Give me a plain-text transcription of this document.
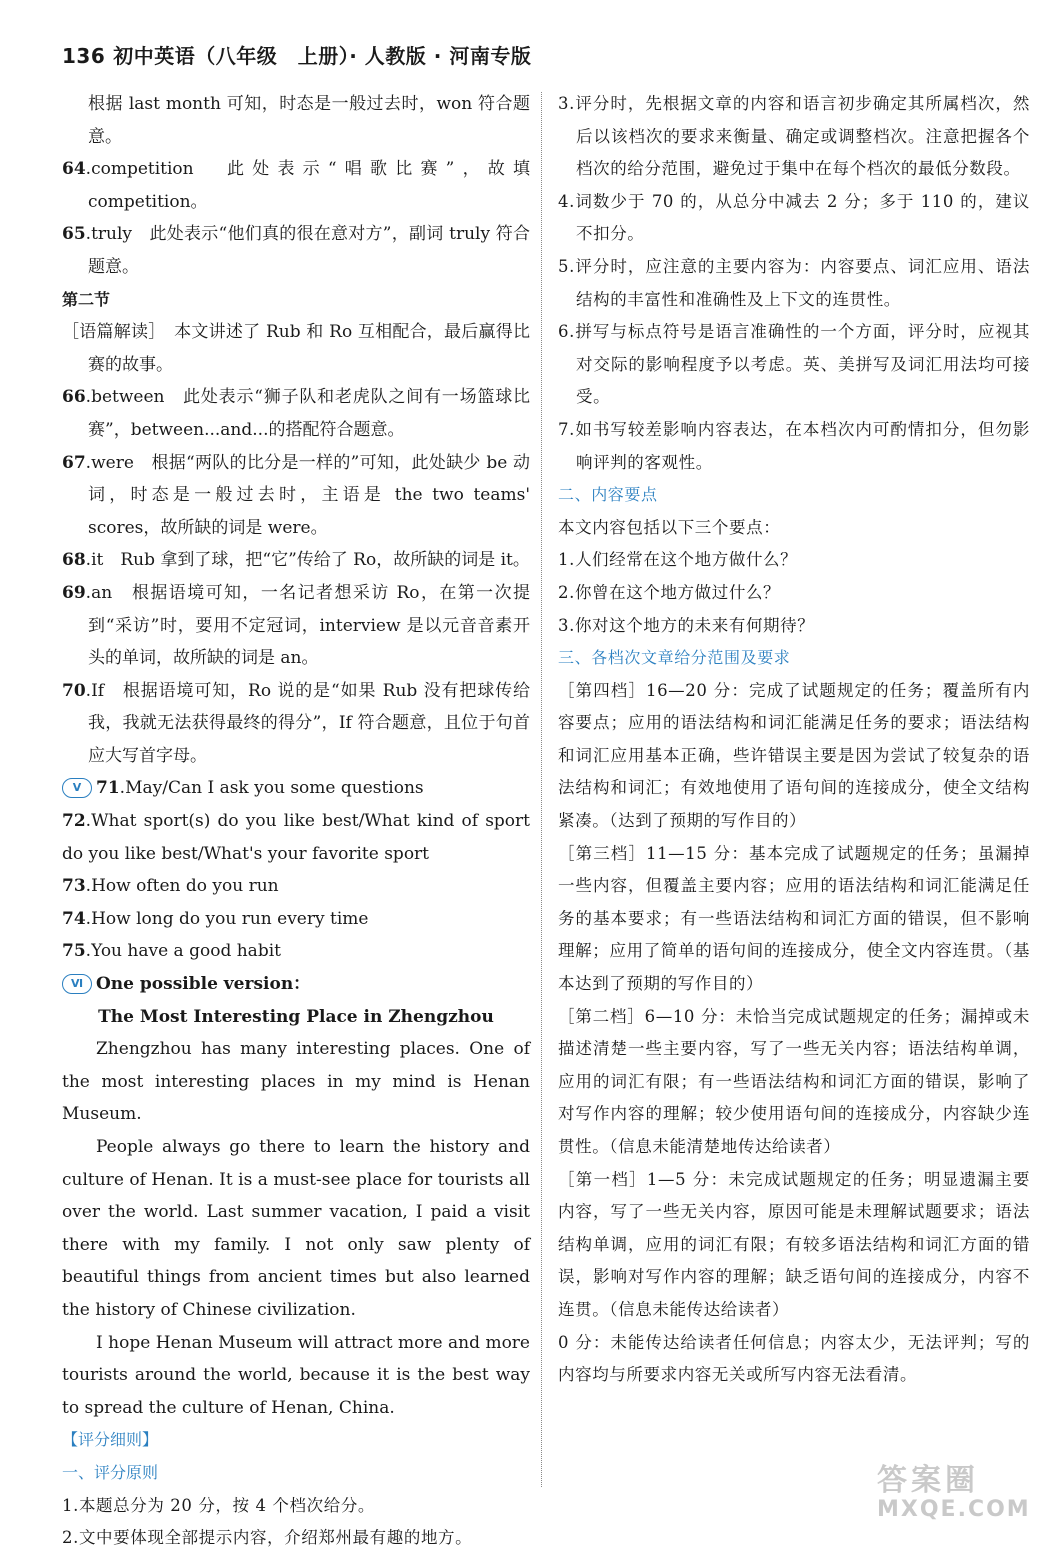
136 初中英语（八年级　上册）· 人教版 · 河南专版

根据 last month 可知，时态是一般过去时，won 符合题意。

64.competition　此处表示“唱歌比赛”，故填 competition。

65.truly　此处表示“他们真的很在意对方”，副词 truly 符合题意。

第二节

［语篇解读］　本文讲述了 Rub 和 Ro 互相配合，最后赢得比赛的故事。

66.between　此处表示“狮子队和老虎队之间有一场篮球比赛”，between...and...的搭配符合题意。

67.were　根据“两队的比分是一样的”可知，此处缺少 be 动词，时态是一般过去时，主语是 the two teams' scores，故所缺的词是 were。

68.it　Rub 拿到了球，把“它”传给了 Ro，故所缺的词是 it。

69.an　根据语境可知，一名记者想采访 Ro，在第一次提到“采访”时，要用不定冠词，interview 是以元音音素开头的单词，故所缺的词是 an。

70.If　根据语境可知，Ro 说的是“如果 Rub 没有把球传给我，我就无法获得最终的得分”，If 符合题意，且位于句首应大写首字母。

Ⅴ 71.May/Can I ask you some questions

72.What sport(s) do you like best/What kind of sport do you like best/What's your favorite sport

73.How often do you run

74.How long do you run every time

75.You have a good habit

Ⅵ One possible version：

The Most Interesting Place in Zhengzhou

Zhengzhou has many interesting places. One of the most interesting places in my mind is Henan Museum.

People always go there to learn the history and culture of Henan. It is a must-see place for tourists all over the world. Last summer vacation, I paid a visit there with my family. I not only saw plenty of beautiful things from ancient times but also learned the history of Chinese civilization.

I hope Henan Museum will attract more and more tourists around the world, because it is the best way to spread the culture of Henan, China.

【评分细则】

一、评分原则

1.本题总分为 20 分，按 4 个档次给分。

2.文中要体现全部提示内容，介绍郑州最有趣的地方。

3.评分时，先根据文章的内容和语言初步确定其所属档次，然后以该档次的要求来衡量、确定或调整档次。注意把握各个档次的给分范围，避免过于集中在每个档次的最低分数段。

4.词数少于 70 的，从总分中减去 2 分；多于 110 的，建议不扣分。

5.评分时，应注意的主要内容为：内容要点、词汇应用、语法结构的丰富性和准确性及上下文的连贯性。

6.拼写与标点符号是语言准确性的一个方面，评分时，应视其对交际的影响程度予以考虑。英、美拼写及词汇用法均可接受。

7.如书写较差影响内容表达，在本档次内可酌情扣分，但勿影响评判的客观性。

二、内容要点

本文内容包括以下三个要点：

1.人们经常在这个地方做什么？

2.你曾在这个地方做过什么？

3.你对这个地方的未来有何期待？

三、各档次文章给分范围及要求

［第四档］16—20 分：完成了试题规定的任务；覆盖所有内容要点；应用的语法结构和词汇能满足任务的要求；语法结构和词汇应用基本正确，些许错误主要是因为尝试了较复杂的语法结构和词汇；有效地使用了语句间的连接成分，使全文结构紧凑。（达到了预期的写作目的）

［第三档］11—15 分：基本完成了试题规定的任务；虽漏掉一些内容，但覆盖主要内容；应用的语法结构和词汇能满足任务的基本要求；有一些语法结构和词汇方面的错误，但不影响理解；应用了简单的语句间的连接成分，使全文内容连贯。（基本达到了预期的写作目的）

［第二档］6—10 分：未恰当完成试题规定的任务；漏掉或未描述清楚一些主要内容，写了一些无关内容；语法结构单调，应用的词汇有限；有一些语法结构和词汇方面的错误，影响了对写作内容的理解；较少使用语句间的连接成分，内容缺少连贯性。（信息未能清楚地传达给读者）

［第一档］1—5 分：未完成试题规定的任务；明显遗漏主要内容，写了一些无关内容，原因可能是未理解试题要求；语法结构单调，应用的词汇有限；有较多语法结构和词汇方面的错误，影响对写作内容的理解；缺乏语句间的连接成分，内容不连贯。（信息未能传达给读者）

0 分：未能传达给读者任何信息；内容太少，无法评判；写的内容均与所要求内容无关或所写内容无法看清。

答案圈
MXQE.COM
